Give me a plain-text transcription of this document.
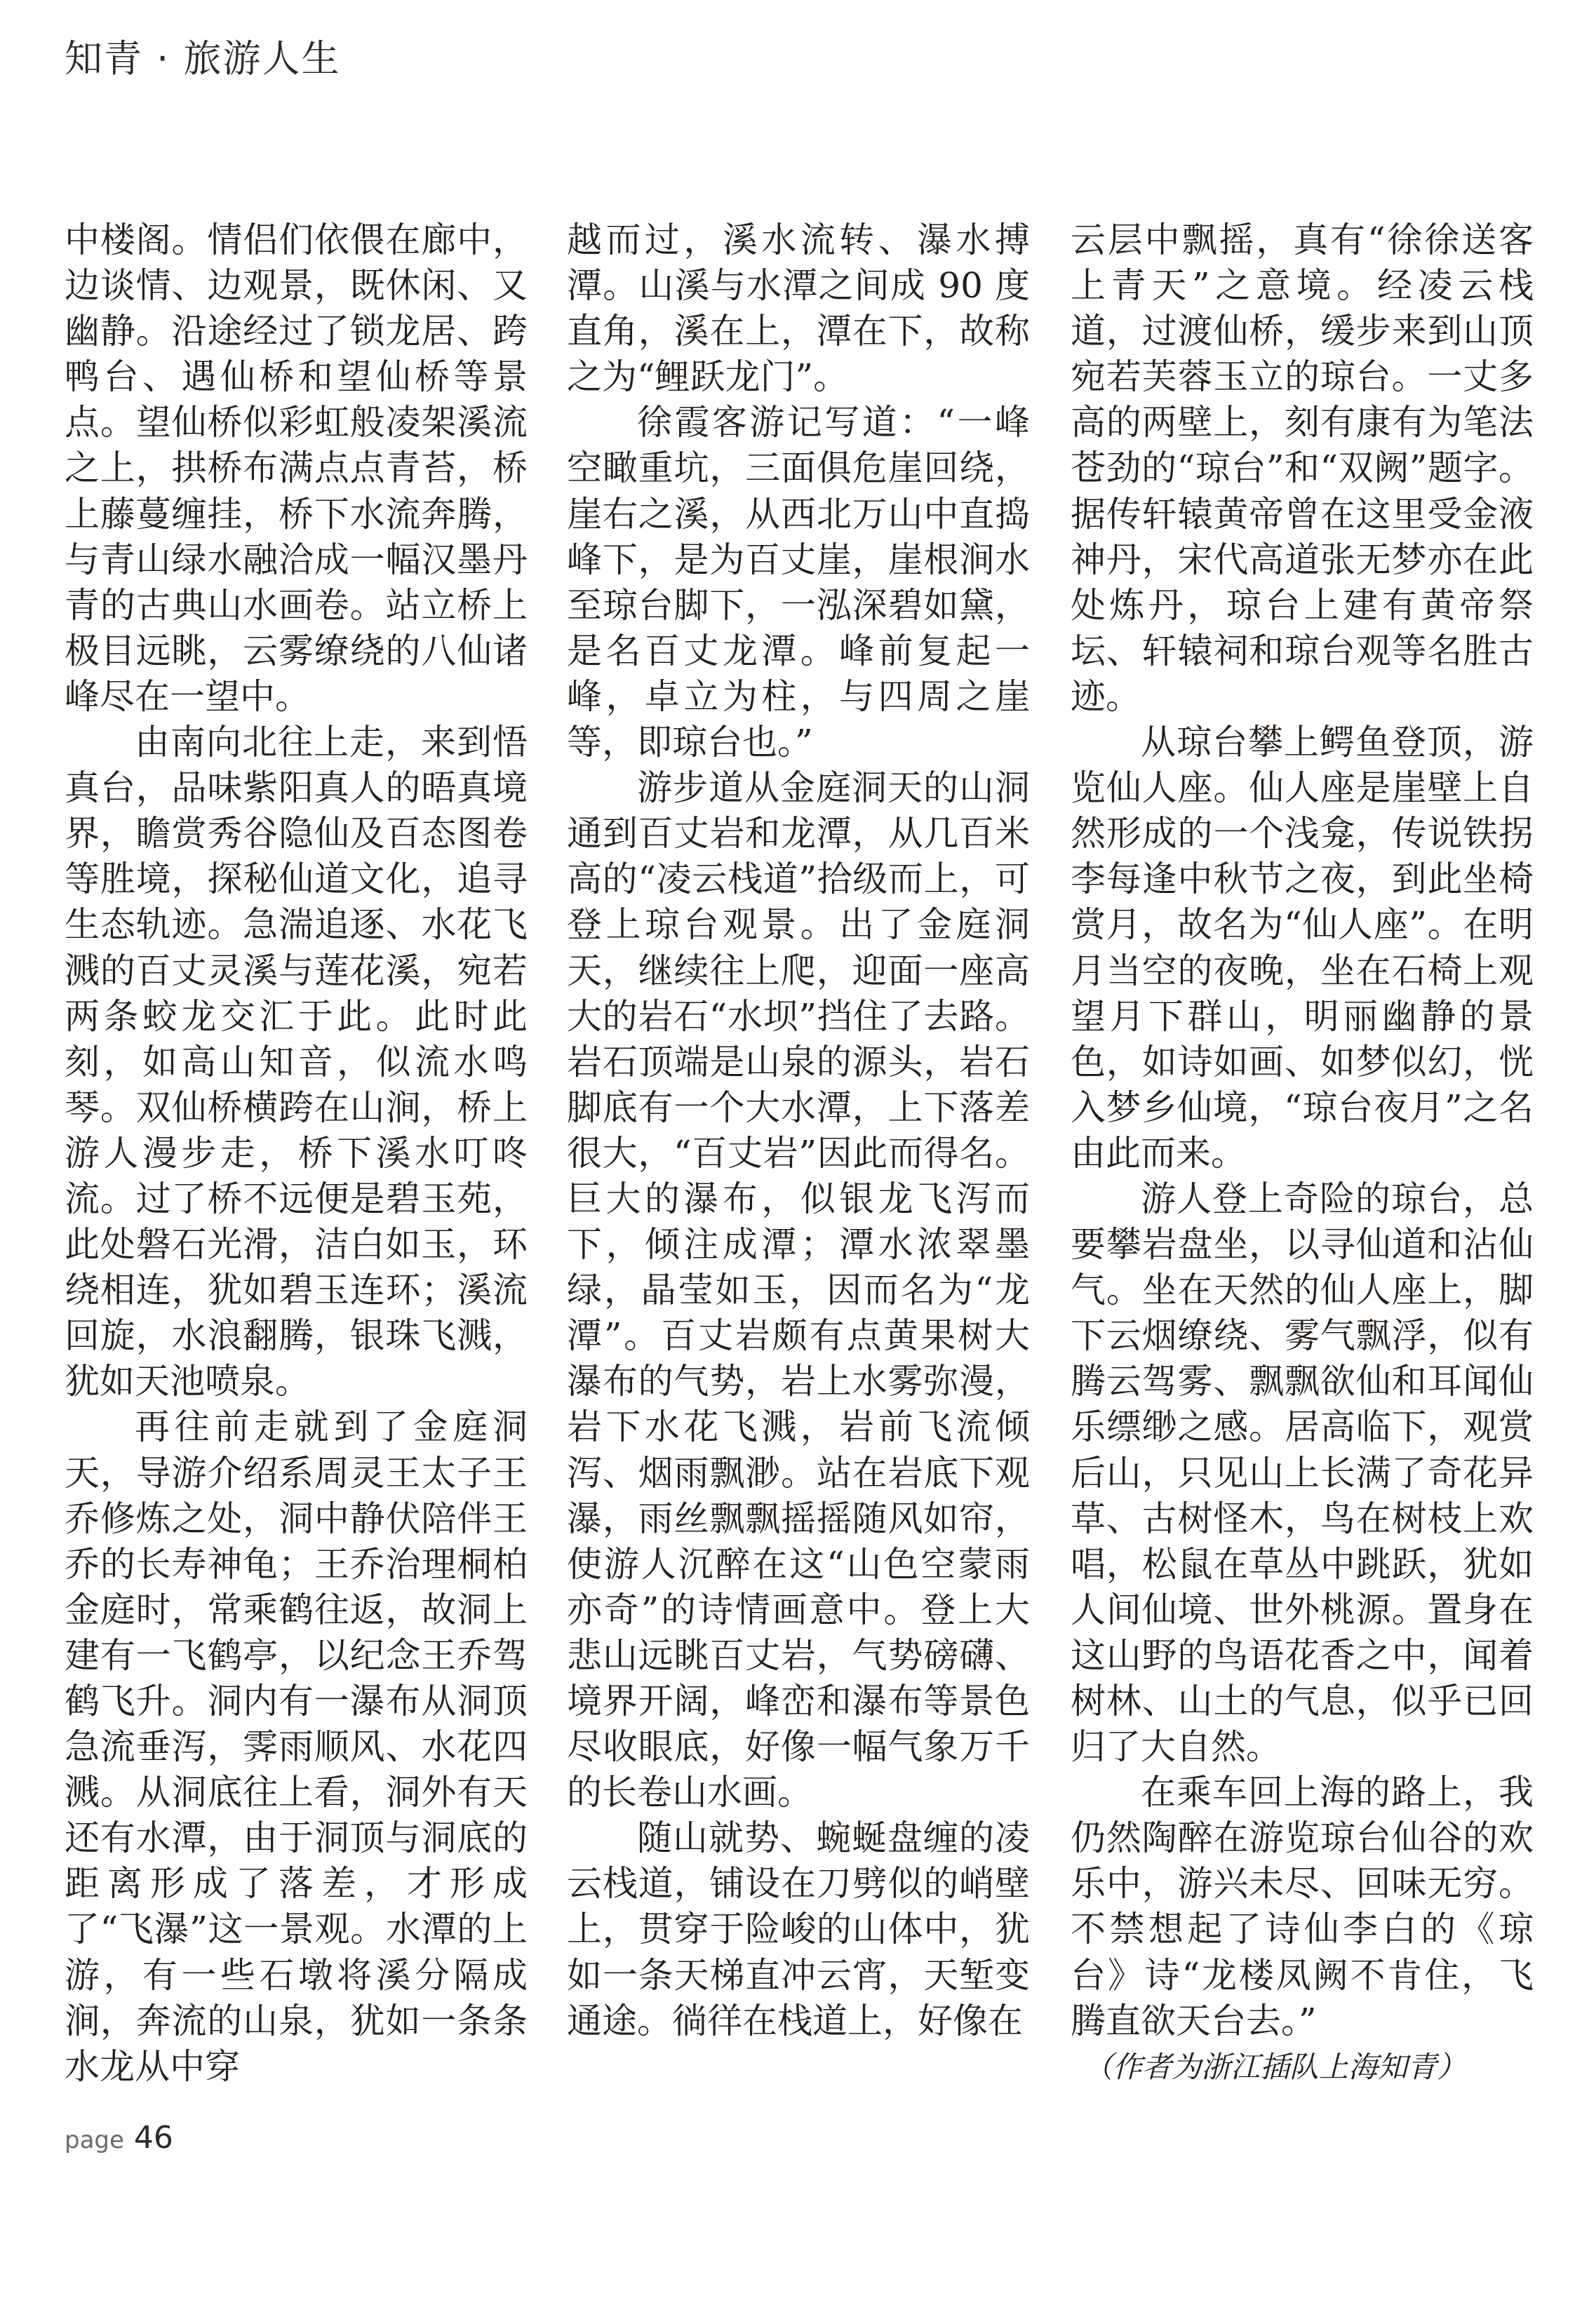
知青 · 旅游人生

中楼阁。情侣们依偎在廊中，边谈情、边观景，既休闲、又幽静。沿途经过了锁龙居、跨鸭台、遇仙桥和望仙桥等景点。望仙桥似彩虹般凌架溪流之上，拱桥布满点点青苔，桥上藤蔓缠挂，桥下水流奔腾，与青山绿水融洽成一幅汉墨丹青的古典山水画卷。站立桥上极目远眺，云雾缭绕的八仙诸峰尽在一望中。

由南向北往上走，来到悟真台，品味紫阳真人的晤真境界，瞻赏秀谷隐仙及百态图卷等胜境，探秘仙道文化，追寻生态轨迹。急湍追逐、水花飞溅的百丈灵溪与莲花溪，宛若两条蛟龙交汇于此。此时此刻，如高山知音，似流水鸣琴。双仙桥横跨在山涧，桥上游人漫步走，桥下溪水叮咚流。过了桥不远便是碧玉苑，此处磐石光滑，洁白如玉，环绕相连，犹如碧玉连环；溪流回旋，水浪翻腾，银珠飞溅，犹如天池喷泉。

再往前走就到了金庭洞天，导游介绍系周灵王太子王乔修炼之处，洞中静伏陪伴王乔的长寿神龟；王乔治理桐柏金庭时，常乘鹤往返，故洞上建有一飞鹤亭，以纪念王乔驾鹤飞升。洞内有一瀑布从洞顶急流垂泻，霁雨顺风、水花四溅。从洞底往上看，洞外有天还有水潭，由于洞顶与洞底的距离形成了落差，才形成了“飞瀑”这一景观。水潭的上游，有一些石墩将溪分隔成涧，奔流的山泉，犹如一条条水龙从中穿

越而过，溪水流转、瀑水搏潭。山溪与水潭之间成 90 度直角，溪在上，潭在下，故称之为“鲤跃龙门”。

徐霞客游记写道：“一峰空瞰重坑，三面俱危崖回绕，崖右之溪，从西北万山中直捣峰下，是为百丈崖，崖根涧水至琼台脚下，一泓深碧如黛，是名百丈龙潭。峰前复起一峰，卓立为柱，与四周之崖等，即琼台也。”

游步道从金庭洞天的山洞通到百丈岩和龙潭，从几百米高的“凌云栈道”拾级而上，可登上琼台观景。出了金庭洞天，继续往上爬，迎面一座高大的岩石“水坝”挡住了去路。岩石顶端是山泉的源头，岩石脚底有一个大水潭，上下落差很大，“百丈岩”因此而得名。巨大的瀑布，似银龙飞泻而下，倾注成潭；潭水浓翠墨绿，晶莹如玉，因而名为“龙潭”。百丈岩颇有点黄果树大瀑布的气势，岩上水雾弥漫，岩下水花飞溅，岩前飞流倾泻、烟雨飘渺。站在岩底下观瀑，雨丝飘飘摇摇随风如帘，使游人沉醉在这“山色空蒙雨亦奇”的诗情画意中。登上大悲山远眺百丈岩，气势磅礴、境界开阔，峰峦和瀑布等景色尽收眼底，好像一幅气象万千的长卷山水画。

随山就势、蜿蜒盘缠的凌云栈道，铺设在刀劈似的峭壁上，贯穿于险峻的山体中，犹如一条天梯直冲云宵，天堑变通途。徜徉在栈道上，好像在

云层中飘摇，真有“徐徐送客上青天”之意境。经凌云栈道，过渡仙桥，缓步来到山顶宛若芙蓉玉立的琼台。一丈多高的两壁上，刻有康有为笔法苍劲的“琼台”和“双阙”题字。据传轩辕黄帝曾在这里受金液神丹，宋代高道张无梦亦在此处炼丹，琼台上建有黄帝祭坛、轩辕祠和琼台观等名胜古迹。

从琼台攀上鳄鱼登顶，游览仙人座。仙人座是崖壁上自然形成的一个浅龛，传说铁拐李每逢中秋节之夜，到此坐椅赏月，故名为“仙人座”。在明月当空的夜晚，坐在石椅上观望月下群山，明丽幽静的景色，如诗如画、如梦似幻，恍入梦乡仙境，“琼台夜月”之名由此而来。

游人登上奇险的琼台，总要攀岩盘坐，以寻仙道和沾仙气。坐在天然的仙人座上，脚下云烟缭绕、雾气飘浮，似有腾云驾雾、飘飘欲仙和耳闻仙乐缥缈之感。居高临下，观赏后山，只见山上长满了奇花异草、古树怪木，鸟在树枝上欢唱，松鼠在草丛中跳跃，犹如人间仙境、世外桃源。置身在这山野的鸟语花香之中，闻着树林、山土的气息，似乎已回归了大自然。

在乘车回上海的路上，我仍然陶醉在游览琼台仙谷的欢乐中，游兴未尽、回味无穷。不禁想起了诗仙李白的《琼台》诗“龙楼凤阙不肯住，飞腾直欲天台去。”

（作者为浙江插队上海知青）

page 46
